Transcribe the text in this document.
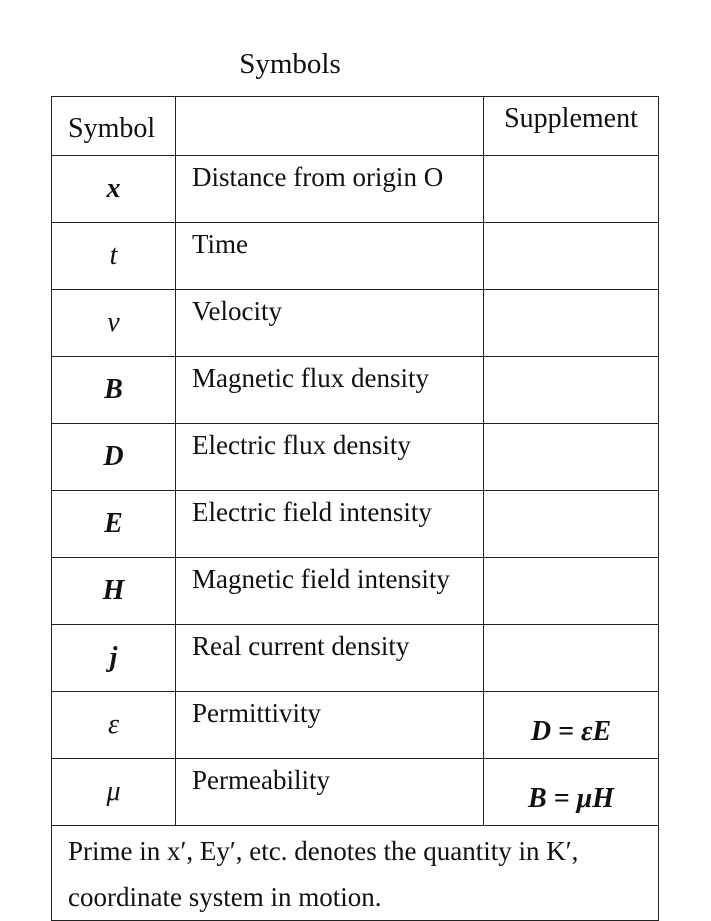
Symbols
Symbol		Supplement
x	Distance from origin O	
t	Time	
v	Velocity	
B	Magnetic flux density	
D	Electric flux density	
E	Electric field intensity	
H	Magnetic field intensity	
j	Real current density	
ε	Permittivity	D = εE
μ	Permeability	B = μH

Prime in x′, Ey′, etc. denotes the quantity in K′,
coordinate system in motion.		
